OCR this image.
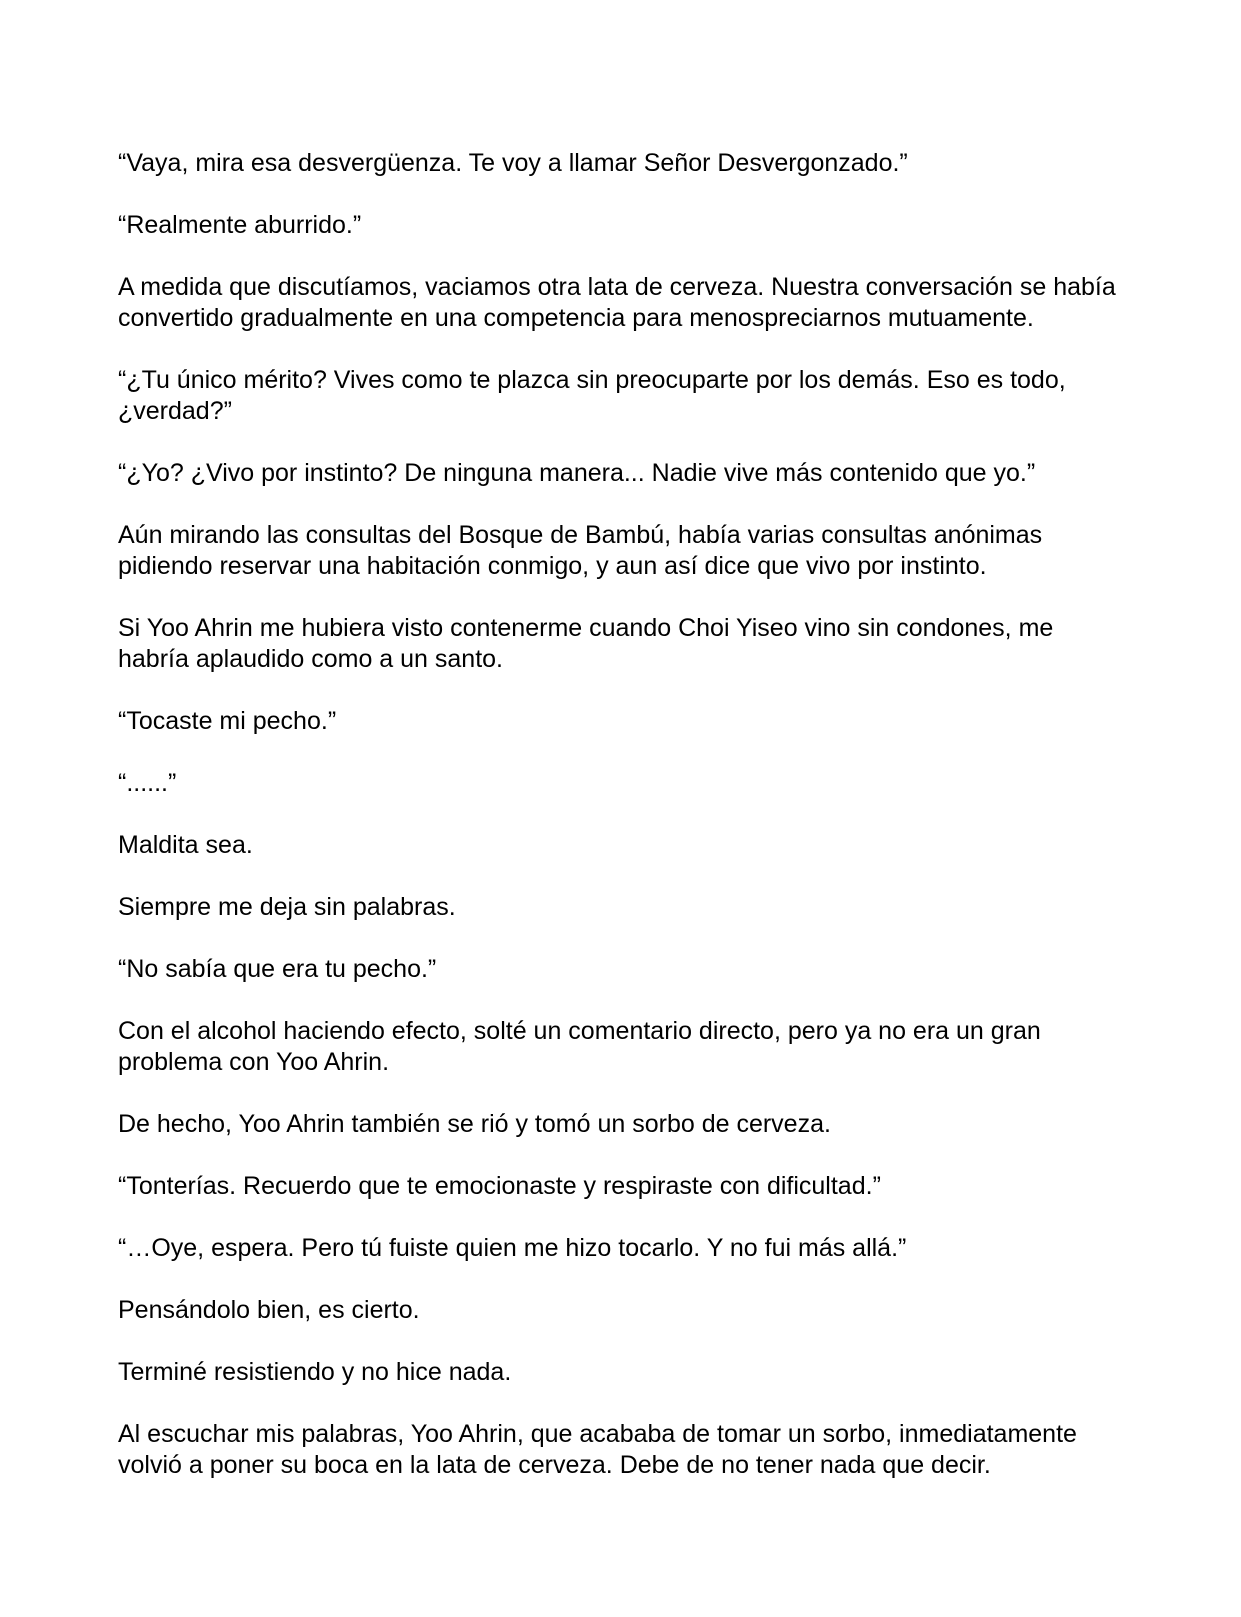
“Vaya, mira esa desvergüenza. Te voy a llamar Señor Desvergonzado.”

“Realmente aburrido.”

A medida que discutíamos, vaciamos otra lata de cerveza. Nuestra conversación se había convertido gradualmente en una competencia para menospreciarnos mutuamente.

“¿Tu único mérito? Vives como te plazca sin preocuparte por los demás. Eso es todo, ¿verdad?”

“¿Yo? ¿Vivo por instinto? De ninguna manera... Nadie vive más contenido que yo.”

Aún mirando las consultas del Bosque de Bambú, había varias consultas anónimas pidiendo reservar una habitación conmigo, y aun así dice que vivo por instinto.

Si Yoo Ahrin me hubiera visto contenerme cuando Choi Yiseo vino sin condones, me habría aplaudido como a un santo.

“Tocaste mi pecho.”

“......”

Maldita sea.

Siempre me deja sin palabras.

“No sabía que era tu pecho.”

Con el alcohol haciendo efecto, solté un comentario directo, pero ya no era un gran problema con Yoo Ahrin.

De hecho, Yoo Ahrin también se rió y tomó un sorbo de cerveza.

“Tonterías. Recuerdo que te emocionaste y respiraste con dificultad.”

“…Oye, espera. Pero tú fuiste quien me hizo tocarlo. Y no fui más allá.”

Pensándolo bien, es cierto.

Terminé resistiendo y no hice nada.

Al escuchar mis palabras, Yoo Ahrin, que acababa de tomar un sorbo, inmediatamente volvió a poner su boca en la lata de cerveza. Debe de no tener nada que decir.
